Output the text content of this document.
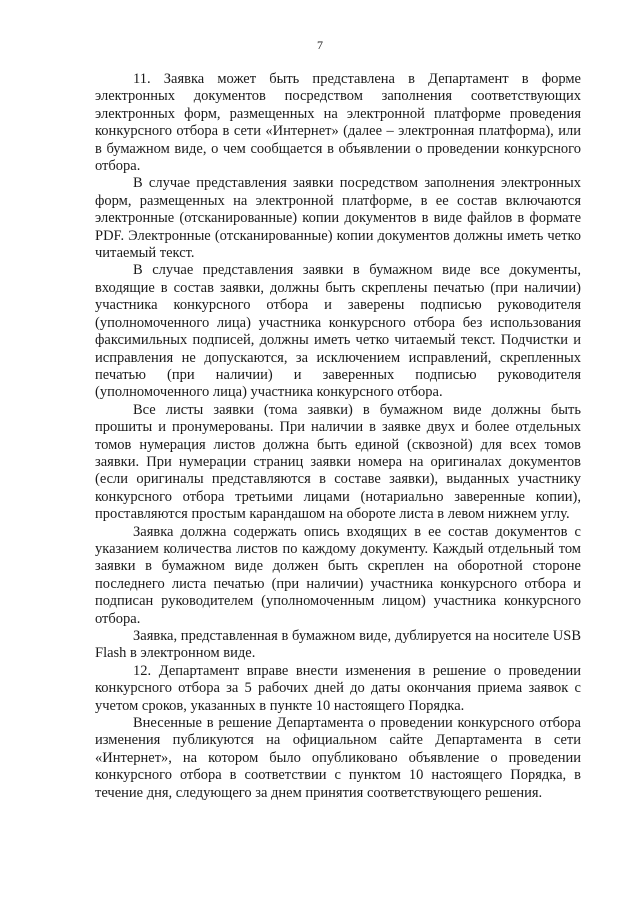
7

11. Заявка может быть представлена в Департамент в форме электронных документов посредством заполнения соответствующих электронных форм, размещенных на электронной платформе проведения конкурсного отбора в сети «Интернет» (далее – электронная платформа), или в бумажном виде, о чем сообщается в объявлении о проведении конкурсного отбора.

В случае представления заявки посредством заполнения электронных форм, размещенных на электронной платформе, в ее состав включаются электронные (отсканированные) копии документов в виде файлов в формате PDF. Электронные (отсканированные) копии документов должны иметь четко читаемый текст.

В случае представления заявки в бумажном виде все документы, входящие в состав заявки, должны быть скреплены печатью (при наличии) участника конкурсного отбора и заверены подписью руководителя (уполномоченного лица) участника конкурсного отбора без использования факсимильных подписей, должны иметь четко читаемый текст. Подчистки и исправления не допускаются, за исключением исправлений, скрепленных печатью (при наличии) и заверенных подписью руководителя (уполномоченного лица) участника конкурсного отбора.

Все листы заявки (тома заявки) в бумажном виде должны быть прошиты и пронумерованы. При наличии в заявке двух и более отдельных томов нумерация листов должна быть единой (сквозной) для всех томов заявки. При нумерации страниц заявки номера на оригиналах документов (если оригиналы представляются в составе заявки), выданных участнику конкурсного отбора третьими лицами (нотариально заверенные копии), проставляются простым карандашом на обороте листа в левом нижнем углу.

Заявка должна содержать опись входящих в ее состав документов с указанием количества листов по каждому документу. Каждый отдельный том заявки в бумажном виде должен быть скреплен на оборотной стороне последнего листа печатью (при наличии) участника конкурсного отбора и подписан руководителем (уполномоченным лицом) участника конкурсного отбора.

Заявка, представленная в бумажном виде, дублируется на носителе USB Flash в электронном виде.

12. Департамент вправе внести изменения в решение о проведении конкурсного отбора за 5 рабочих дней до даты окончания приема заявок с учетом сроков, указанных в пункте 10 настоящего Порядка.

Внесенные в решение Департамента о проведении конкурсного отбора изменения публикуются на официальном сайте Департамента в сети «Интернет», на котором было опубликовано объявление о проведении конкурсного отбора в соответствии с пунктом 10 настоящего Порядка, в течение дня, следующего за днем принятия соответствующего решения.
